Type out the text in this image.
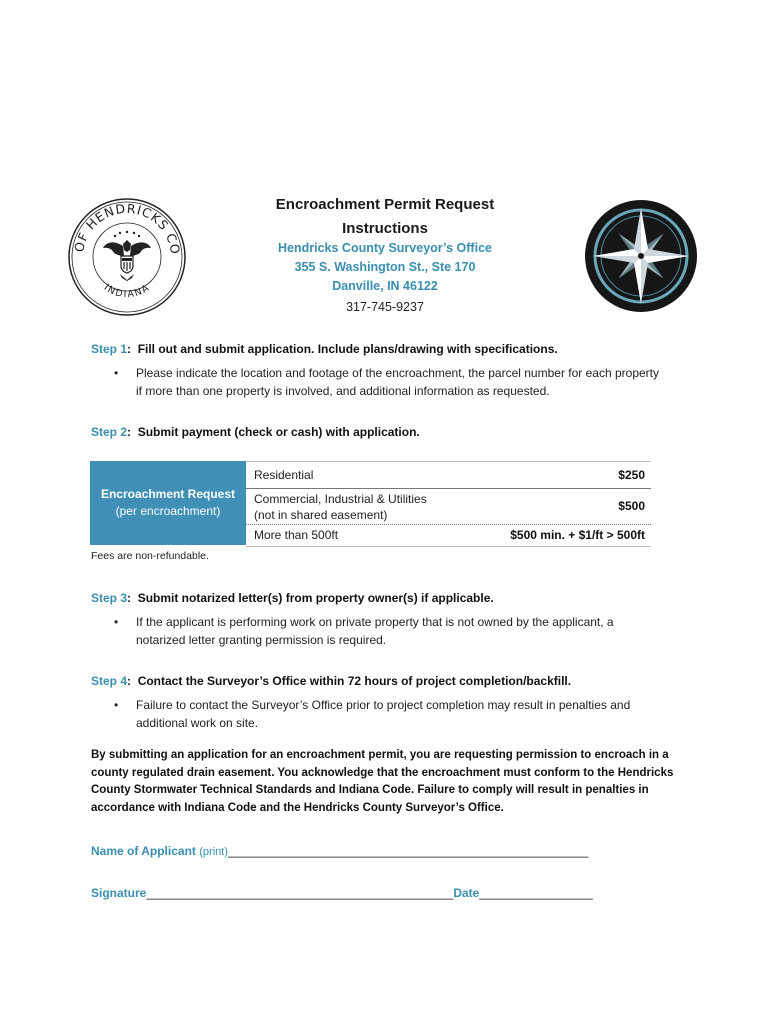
OF HENDRICKS CO
INDIANA
Encroachment Permit Request
Instructions
Hendricks County Surveyor’s Office
355 S. Washington St., Ste 170
Danville, IN 46122
317-745-9237
Step 1:  Fill out and submit application. Include plans/drawing with specifications.
• Please indicate the location and footage of the encroachment, the parcel number for each property if more than one property is involved, and additional information as requested.
Step 2:  Submit payment (check or cash) with application.
Encroachment Request
(per encroachment)
Residential	$250
Commercial, Industrial & Utilities
(not in shared easement)
$500
More than 500ft	$500 min. + $1/ft > 500ft
Fees are non-refundable.
Step 3:  Submit notarized letter(s) from property owner(s) if applicable.
• If the applicant is performing work on private property that is not owned by the applicant, a notarized letter granting permission is required.
Step 4:  Contact the Surveyor’s Office within 72 hours of project completion/backfill.
• Failure to contact the Surveyor’s Office prior to project completion may result in penalties and additional work on site.
By submitting an application for an encroachment permit, you are requesting permission to encroach in a county regulated drain easement. You acknowledge that the encroachment must conform to the Hendricks County Stormwater Technical Standards and Indiana Code. Failure to comply will result in penalties in accordance with Indiana Code and the Hendricks County Surveyor’s Office.
Name of Applicant (print)______________________________________________________
Signature______________________________________________Date_________________
